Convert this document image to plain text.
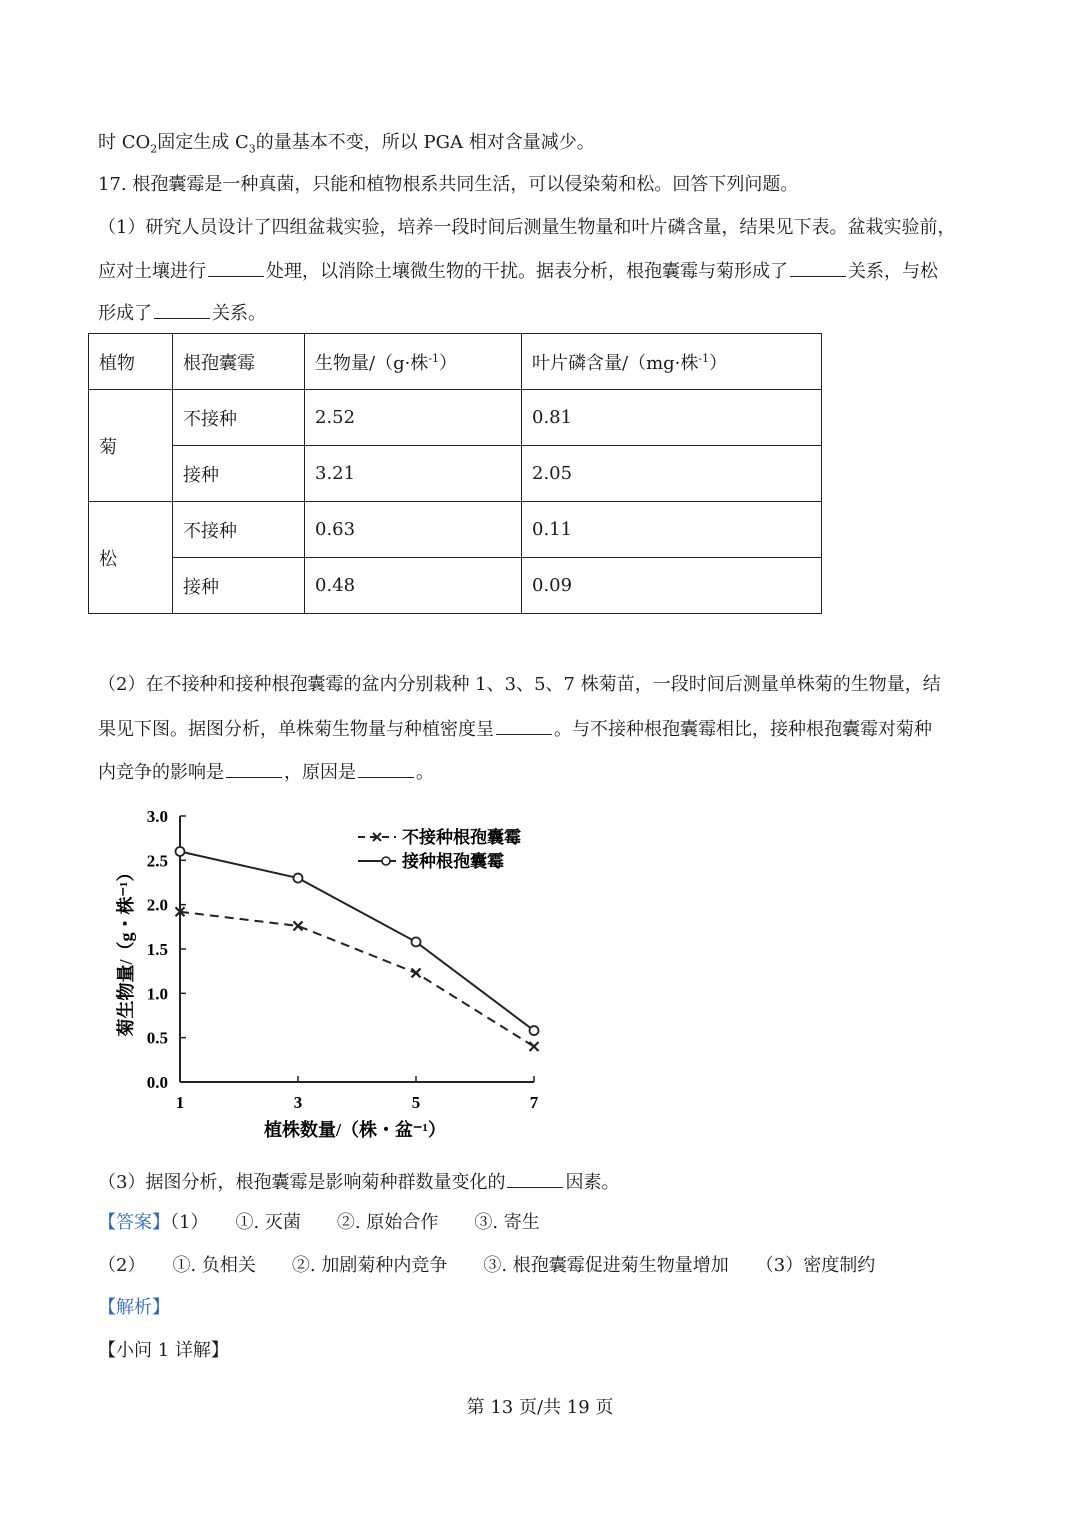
时 $CO_2$固定生成 $C_3$的量基本不变，所以 PGA 相对含量减少。
17. 根孢囊霉是一种真菌，只能和植物根系共同生活，可以侵染菊和松。回答下列问题。
（1）研究人员设计了四组盆栽实验，培养一段时间后测量生物量和叶片磷含量，结果见下表。盆栽实验前，
应对土壤进行	处理，以消除土壤微生物的干扰。据表分析，根孢囊霉与菊形成了	关系，与松
形成了	关系。
植物	根孢囊霉	生物量/（g·株$^{-1}$）	叶片磷含量/（mg·株$^{-1}$）
菊	不接种	2.52	0.81
	接种	3.21	2.05
松	不接种	0.63	0.11
	接种	0.48	0.09
（2）在不接种和接种根孢囊霉的盆内分别栽种 1、3、5、7 株菊苗，一段时间后测量单株菊的生物量，结
果见下图。据图分析，单株菊生物量与种植密度呈	。与不接种根孢囊霉相比，接种根孢囊霉对菊种
内竞争的影响是	，原因是	。
0.0
0.5
1.0
1.5
2.0
2.5
3.0
1	3	5	7
不接种根孢囊霉
接种根孢囊霉
植株数量/（株・盆⁻¹）
菊生物量/（g・株⁻¹）
（3）据图分析，根孢囊霉是影响菊种群数量变化的	因素。
【答案】（1）　　①. 灭菌　　②. 原始合作　　③. 寄生
（2）　　①. 负相关　　②. 加剧菊种内竞争　　③. 根孢囊霉促进菊生物量增加　　（3）密度制约
【解析】
【小问 1 详解】
第 13 页/共 19 页
